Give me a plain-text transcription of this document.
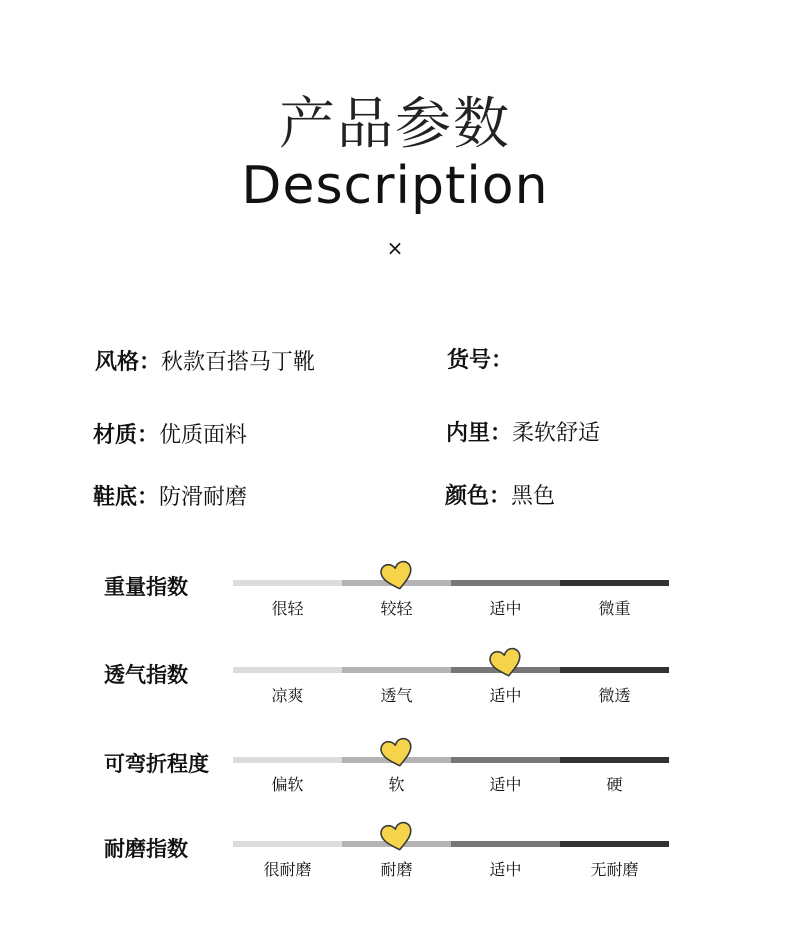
产品参数
Description
×
风格：秋款百搭马丁靴	货号：
材质：优质面料	内里：柔软舒适
鞋底：防滑耐磨	颜色：黑色
重量指数
很轻	较轻	适中	微重
透气指数
凉爽	透气	适中	微透
可弯折程度
偏软	软	适中	硬
耐磨指数
很耐磨	耐磨	适中	无耐磨
